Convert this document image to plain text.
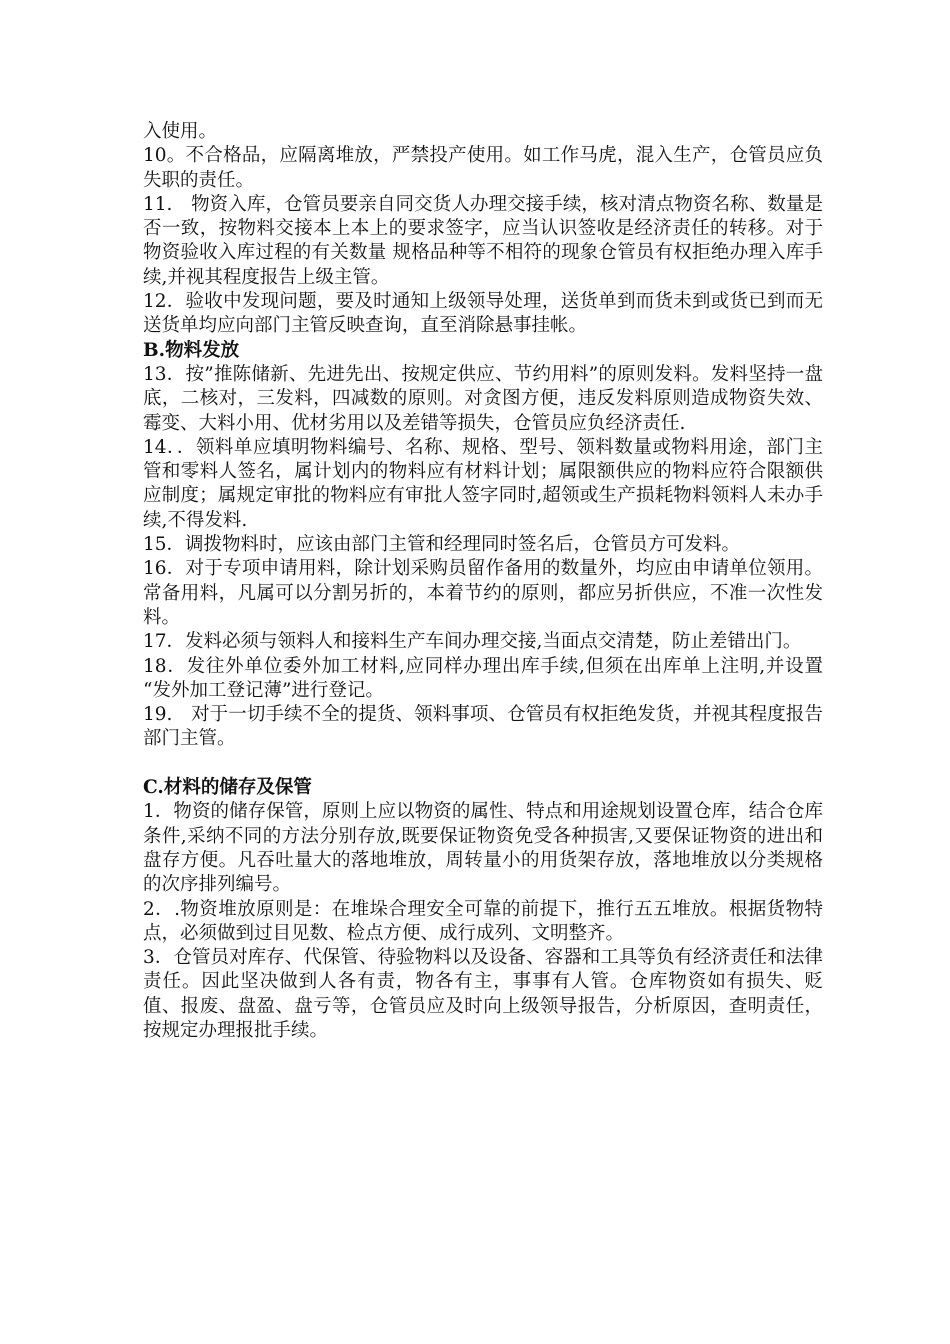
入使用。

10。不合格品，应隔离堆放，严禁投产使用。如工作马虎，混入生产，仓管员应负失职的责任。

11.　物资入库，仓管员要亲自同交货人办理交接手续，核对清点物资名称、数量是否一致，按物料交接本上本上的要求签字，应当认识签收是经济责任的转移。对于物资验收入库过程的有关数量 规格品种等不相符的现象仓管员有权拒绝办理入库手续,并视其程度报告上级主管。

12．验收中发现问题，要及时通知上级领导处理，送货单到而货未到或货已到而无送货单均应向部门主管反映查询，直至消除悬事挂帐。

B.物料发放

13．按”推陈储新、先进先出、按规定供应、节约用料”的原则发料。发料坚持一盘底，二核对，三发料，四减数的原则。对贪图方便，违反发料原则造成物资失效、霉变、大料小用、优材劣用以及差错等损失，仓管员应负经济责任.

14．．领料单应填明物料编号、名称、规格、型号、领料数量或物料用途，部门主管和零料人签名，属计划内的物料应有材料计划；属限额供应的物料应符合限额供应制度；属规定审批的物料应有审批人签字同时,超领或生产损耗物料领料人未办手续,不得发料.

15．调拨物料时，应该由部门主管和经理同时签名后，仓管员方可发料。

16．对于专项申请用料，除计划采购员留作备用的数量外，均应由申请单位领用。常备用料，凡属可以分割另折的，本着节约的原则，都应另折供应，不准一次性发料。

17．发料必须与领料人和接料生产车间办理交接,当面点交清楚，防止差错出门。

18．发往外单位委外加工材料,应同样办理出库手续,但须在出库单上注明,并设置 “发外加工登记薄”进行登记。

19.　对于一切手续不全的提货、领料事项、仓管员有权拒绝发货，并视其程度报告部门主管。

C.材料的储存及保管

1．物资的储存保管，原则上应以物资的属性、特点和用途规划设置仓库，结合仓库条件,采纳不同的方法分别存放,既要保证物资免受各种损害,又要保证物资的进出和盘存方便。凡吞吐量大的落地堆放，周转量小的用货架存放，落地堆放以分类规格的次序排列编号。

2．.物资堆放原则是：在堆垛合理安全可靠的前提下，推行五五堆放。根据货物特点，必须做到过目见数、检点方便、成行成列、文明整齐。

3．仓管员对库存、代保管、待验物料以及设备、容器和工具等负有经济责任和法律责任。因此坚决做到人各有责，物各有主，事事有人管。仓库物资如有损失、贬值、报废、盘盈、盘亏等，仓管员应及时向上级领导报告，分析原因，查明责任，按规定办理报批手续。
